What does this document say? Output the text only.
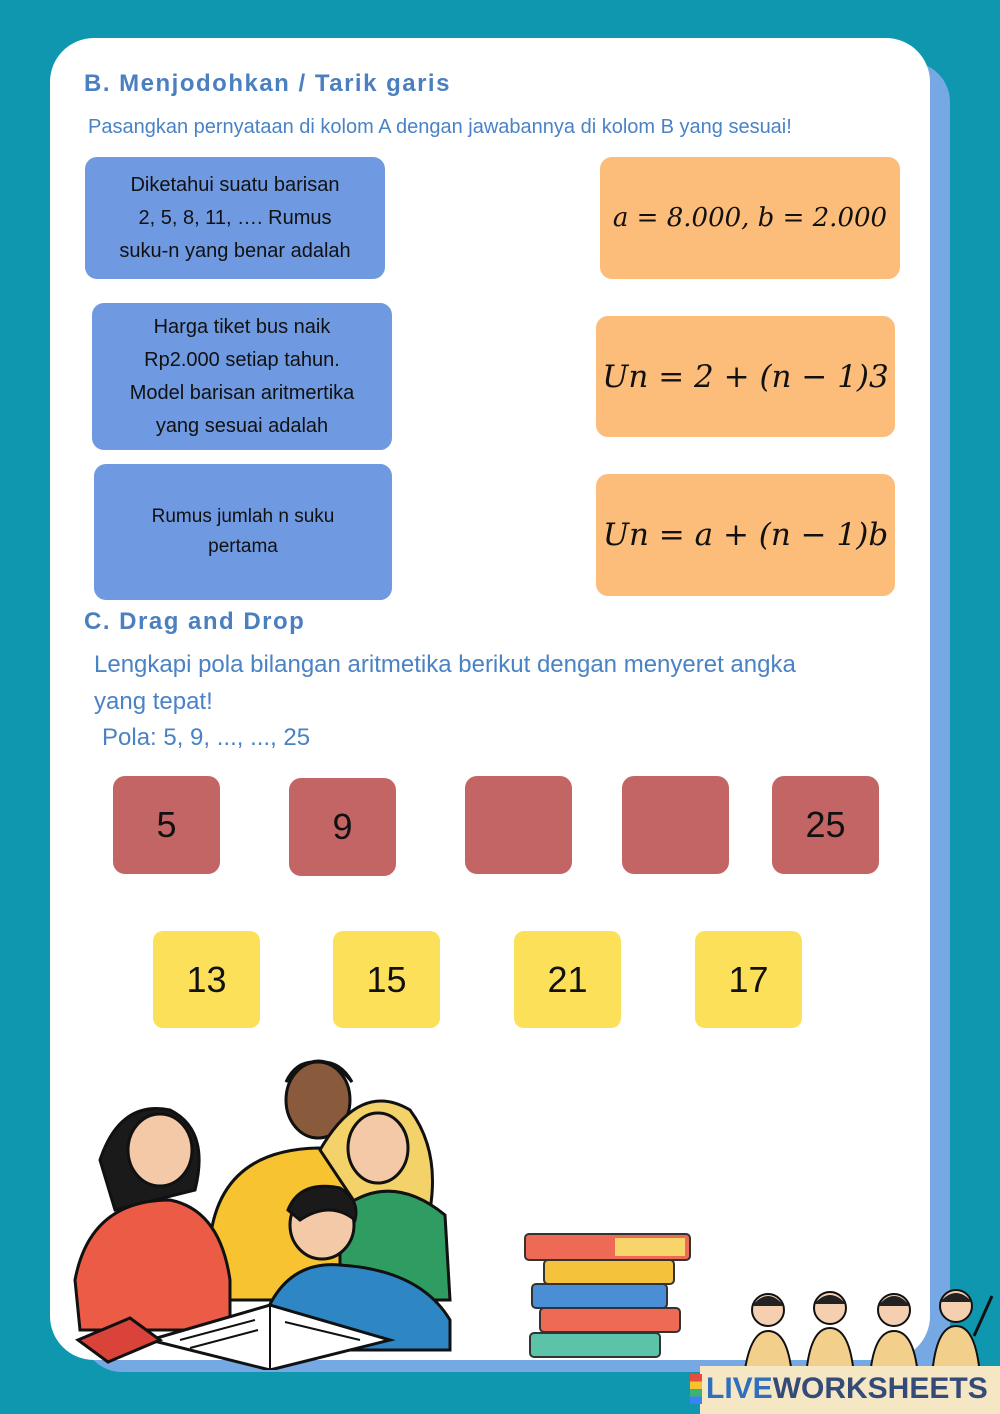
B. Menjodohkan / Tarik garis
Pasangkan pernyataan di kolom A dengan jawabannya di kolom B yang sesuai!
Diketahui suatu barisan
2, 5, 8, 11, …. Rumus
suku-n yang benar adalah
Harga tiket bus naik
Rp2.000 setiap tahun.
Model barisan aritmertika
yang sesuai adalah
Rumus jumlah n suku
pertama
a = 8.000, b = 2.000
Un = 2 + (n − 1)3
Un = a + (n − 1)b
C. Drag and Drop
Lengkapi pola bilangan aritmetika berikut dengan menyeret angka
yang tepat!
Pola: 5, 9, ..., ..., 25
5	9	25
13	15	21	17
LIVE WORKSHEETS
